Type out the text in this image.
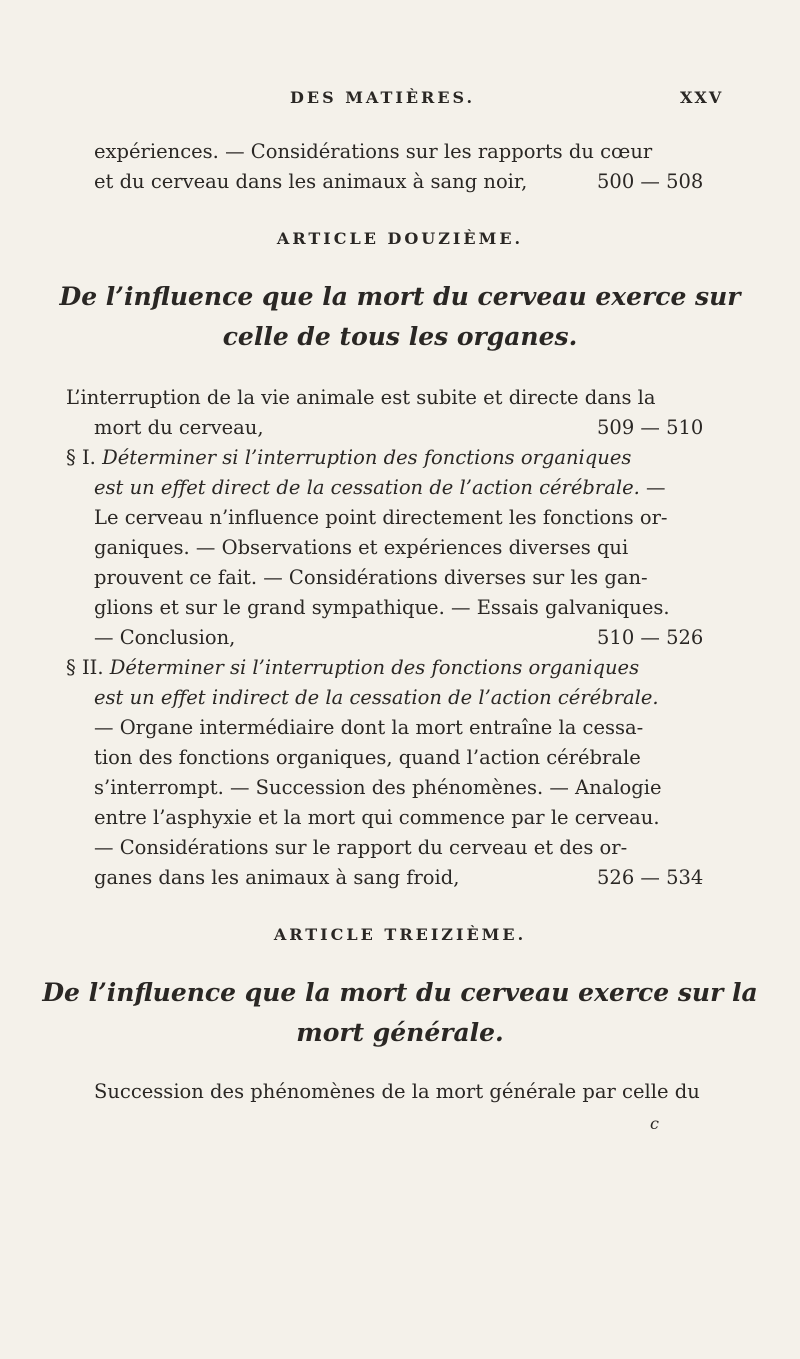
DES MATIÈRES.	XXV
expériences. — Considérations sur les rapports du cœur
et du cerveau dans les animaux à sang noir,	500 — 508
ARTICLE DOUZIÈME.
De l’influence que la mort du cerveau exerce sur
celle de tous les organes.
L’interruption de la vie animale est subite et directe dans la
mort du cerveau,	509 — 510
§ I. Déterminer si l’interruption des fonctions organiques
est un effet direct de la cessation de l’action cérébrale. —
Le cerveau n’influence point directement les fonctions or-
ganiques. — Observations et expériences diverses qui
prouvent ce fait. — Considérations diverses sur les gan-
glions et sur le grand sympathique. — Essais galvaniques.
— Conclusion,	510 — 526
§ II. Déterminer si l’interruption des fonctions organiques
est un effet indirect de la cessation de l’action cérébrale.
— Organe intermédiaire dont la mort entraîne la cessa-
tion des fonctions organiques, quand l’action cérébrale
s’interrompt. — Succession des phénomènes. — Analogie
entre l’asphyxie et la mort qui commence par le cerveau.
— Considérations sur le rapport du cerveau et des or-
ganes dans les animaux à sang froid,	526 — 534
ARTICLE TREIZIÈME.
De l’influence que la mort du cerveau exerce sur la
mort générale.
Succession des phénomènes de la mort générale par celle du
c
